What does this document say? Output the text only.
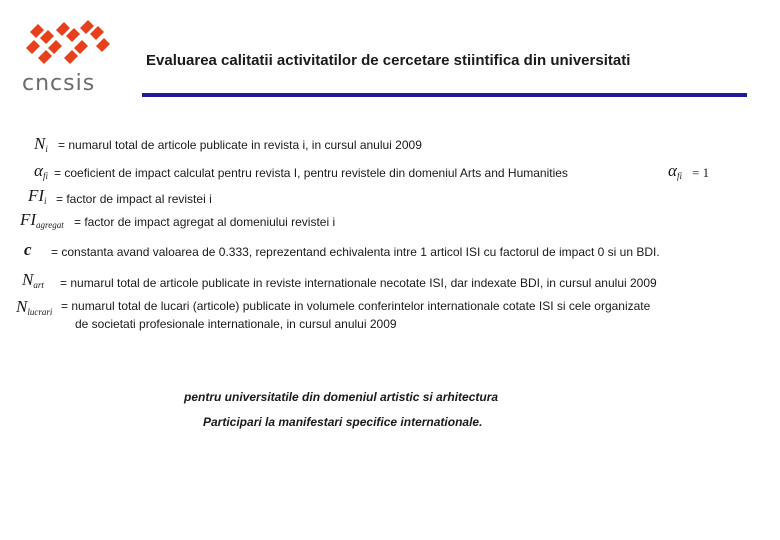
cncsis
Evaluarea calitatii activitatilor de cercetare stiintifica din universitati
$N_i$ = numarul total de articole publicate in revista i, in cursul anului 2009
$\alpha_{fi}$ = coeficient de impact calculat pentru revista I, pentru revistele din domeniul Arts and Humanities	$\alpha_{fi} = 1$
$FI_i$ = factor de impact al revistei i
$FI_{agregat}$ = factor de impact agregat al domeniului revistei i
c = constanta avand valoarea de 0.333, reprezentand echivalenta intre 1 articol ISI cu factorul de impact 0 si un BDI.
$N_{art}$ = numarul total de articole publicate in reviste internationale necotate ISI, dar indexate BDI, in cursul anului 2009
$N_{lucrari}$ = numarul total de lucari (articole) publicate in volumele conferintelor internationale cotate ISI si cele organizate
de societati profesionale internationale, in cursul anului 2009
pentru universitatile din domeniul artistic si arhitectura
Participari la manifestari specifice internationale.
